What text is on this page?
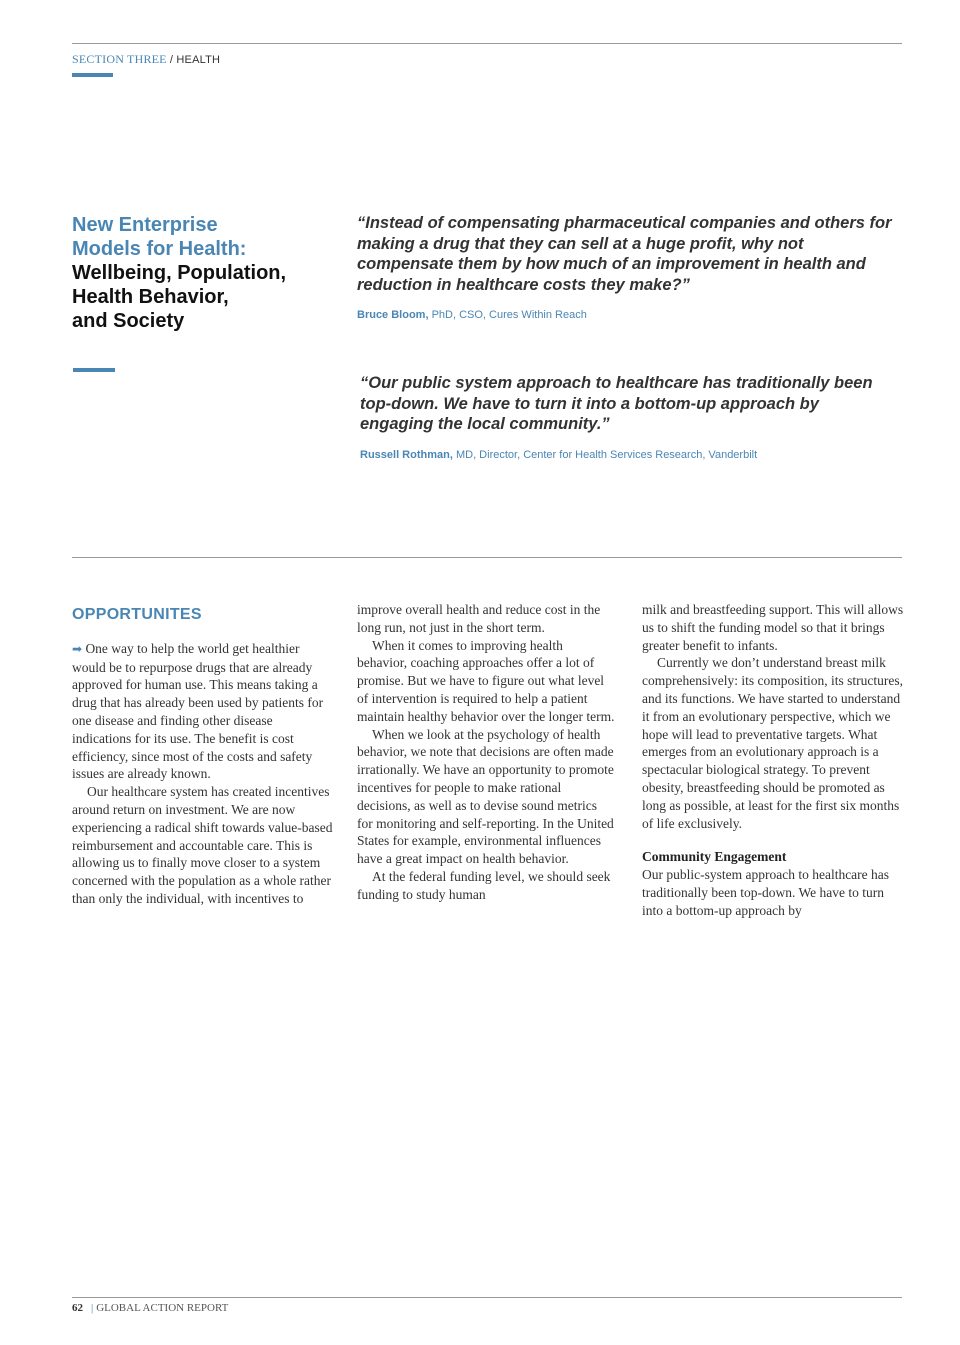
SECTION THREE / HEALTH
New Enterprise
Models for Health:
Wellbeing, Population,
Health Behavior,
and Society

“Instead of compensating pharmaceutical companies and others for making a drug that they can sell at a huge profit, why not compensate them by how much of an improvement in health and reduction in healthcare costs they make?”

Bruce Bloom, PhD, CSO, Cures Within Reach

“Our public system approach to healthcare has traditionally been top-down. We have to turn it into a bottom-up approach by engaging the local community.”

Russell Rothman, MD, Director, Center for Health Services Research, Vanderbilt
OPPORTUNITES

➡ One way to help the world get healthier would be to repurpose drugs that are already approved for human use. This means taking a drug that has already been used by patients for one disease and finding other disease indications for its use. The benefit is cost efficiency, since most of the costs and safety issues are already known.

Our healthcare system has created incentives around return on investment. We are now experiencing a radical shift towards value-based reimbursement and accountable care. This is allowing us to finally move closer to a system concerned with the population as a whole rather than only the individual, with incentives to

improve overall health and reduce cost in the long run, not just in the short term.

When it comes to improving health behavior, coaching approaches offer a lot of promise. But we have to figure out what level of intervention is required to help a patient maintain healthy behavior over the longer term.

When we look at the psychology of health behavior, we note that decisions are often made irrationally. We have an opportunity to promote incentives for people to make rational decisions, as well as to devise sound metrics for monitoring and self-reporting. In the United States for example, environmental influences have a great impact on health behavior.

At the federal funding level, we should seek funding to study human

milk and breastfeeding support. This will allows us to shift the funding model so that it brings greater benefit to infants.

Currently we don’t understand breast milk comprehensively: its composition, its structures, and its functions. We have started to understand it from an evolutionary perspective, which we hope will lead to preventative targets. What emerges from an evolutionary approach is a spectacular biological strategy. To prevent obesity, breastfeeding should be promoted as long as possible, at least for the first six months of life exclusively.

Community Engagement

Our public-system approach to healthcare has traditionally been top-down. We have to turn into a bottom-up approach by

62 | GLOBAL ACTION REPORT
